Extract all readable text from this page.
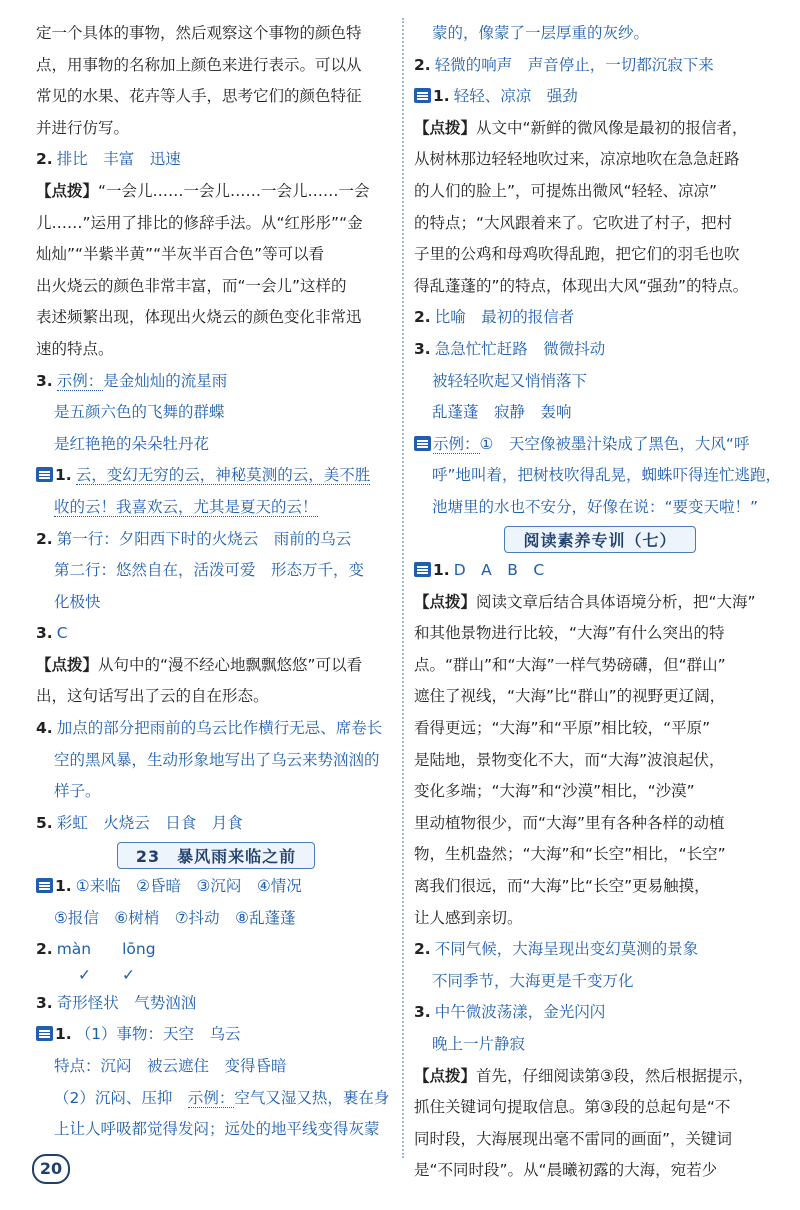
定一个具体的事物，然后观察这个事物的颜色特
点，用事物的名称加上颜色来进行表示。可以从
常见的水果、花卉等人手，思考它们的颜色特征
并进行仿写。
2. 排比　丰富　迅速
【点拨】“一会儿……一会儿……一会儿……一会
儿……”运用了排比的修辞手法。从“红彤彤”“金
灿灿”“半紫半黄”“半灰半百合色”等可以看
出火烧云的颜色非常丰富，而“一会儿”这样的
表述频繁出现，体现出火烧云的颜色变化非常迅
速的特点。
3. 示例：是金灿灿的流星雨
是五颜六色的飞舞的群蝶
是红艳艳的朵朵牡丹花
1. 云，变幻无穷的云，神秘莫测的云，美不胜
收的云！我喜欢云，尤其是夏天的云！
2. 第一行：夕阳西下时的火烧云　雨前的乌云
第二行：悠然自在，活泼可爱　形态万千，变
化极快
3. C
【点拨】从句中的“漫不经心地飘飘悠悠”可以看
出，这句话写出了云的自在形态。
4. 加点的部分把雨前的乌云比作横行无忌、席卷长
空的黑风暴，生动形象地写出了乌云来势汹汹的
样子。
5. 彩虹　火烧云　日食　月食
23　暴风雨来临之前
1. ①来临　②昏暗　③沉闷　④情况
⑤报信　⑥树梢　⑦抖动　⑧乱蓬蓬
2. màn　　lōng
✓　　✓
3. 奇形怪状　气势汹汹
1. （1）事物：天空　乌云
特点：沉闷　被云遮住　变得昏暗
（2）沉闷、压抑　示例：空气又湿又热，裹在身
上让人呼吸都觉得发闷；远处的地平线变得灰蒙
蒙的，像蒙了一层厚重的灰纱。
2. 轻微的响声　声音停止，一切都沉寂下来
1. 轻轻、凉凉　强劲
【点拨】从文中“新鲜的微风像是最初的报信者，
从树林那边轻轻地吹过来，凉凉地吹在急急赶路
的人们的脸上”，可提炼出微风“轻轻、凉凉”
的特点；“大风跟着来了。它吹进了村子，把村
子里的公鸡和母鸡吹得乱跑，把它们的羽毛也吹
得乱蓬蓬的”的特点，体现出大风“强劲”的特点。
2. 比喻　最初的报信者
3. 急急忙忙赶路　微微抖动
被轻轻吹起又悄悄落下
乱蓬蓬　寂静　轰响
示例：①　天空像被墨汁染成了黑色，大风“呼
呼”地叫着，把树枝吹得乱晃，蜘蛛吓得连忙逃跑，
池塘里的水也不安分，好像在说：“要变天啦！”
阅读素养专训（七）
1. D　A　B　C
【点拨】阅读文章后结合具体语境分析，把“大海”
和其他景物进行比较，“大海”有什么突出的特
点。“群山”和“大海”一样气势磅礴，但“群山”
遮住了视线，“大海”比“群山”的视野更辽阔，
看得更远；“大海”和“平原”相比较，“平原”
是陆地，景物变化不大，而“大海”波浪起伏，
变化多端；“大海”和“沙漠”相比，“沙漠”
里动植物很少，而“大海”里有各种各样的动植
物，生机盎然；“大海”和“长空”相比，“长空”
离我们很远，而“大海”比“长空”更易触摸，
让人感到亲切。
2. 不同气候，大海呈现出变幻莫测的景象
不同季节，大海更是千变万化
3. 中午微波荡漾，金光闪闪
晚上一片静寂
【点拨】首先，仔细阅读第③段，然后根据提示，
抓住关键词句提取信息。第③段的总起句是“不
同时段，大海展现出毫不雷同的画面”，关键词
是“不同时段”。从“晨曦初露的大海，宛若少
20
